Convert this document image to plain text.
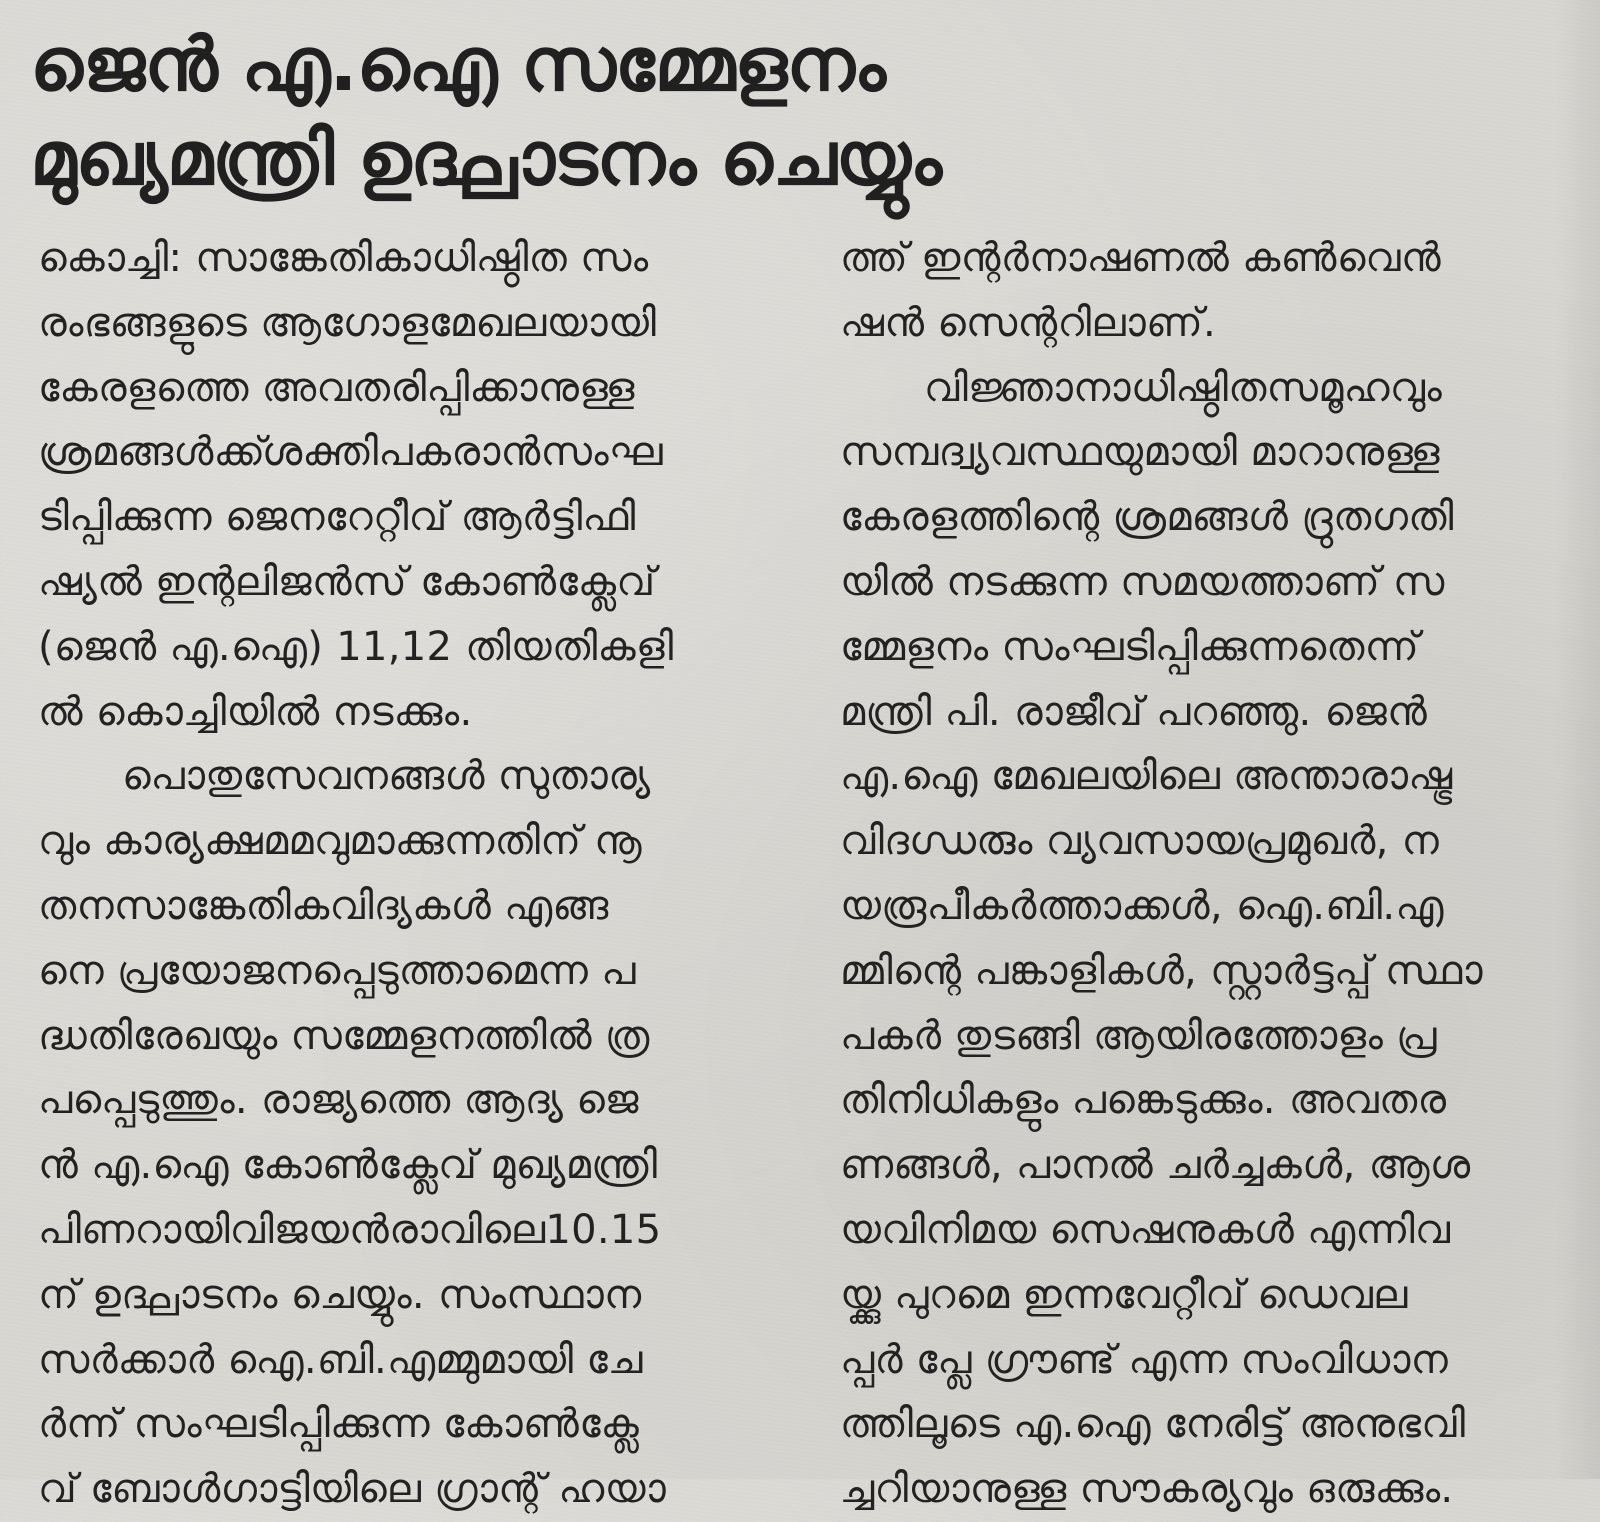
ജെൻ എ.ഐ സമ്മേളനം
മുഖ്യമന്ത്രി ഉദ്ഘാടനം ചെയ്യും
കൊച്ചി: സാങ്കേതികാധിഷ്ഠിത സം
രംഭങ്ങളുടെ ആഗോളമേഖലയായി
കേരളത്തെ അവതരിപ്പിക്കാനുള്ള
ശ്രമങ്ങൾക്ക്ശക്തിപകരാൻസംഘ
ടിപ്പിക്കുന്ന ജെനറേറ്റീവ് ആർട്ടിഫി
ഷ്യൽ ഇന്റലിജൻസ് കോൺക്ലേവ്
(ജെൻ എ.ഐ) 11,12 തിയതികളി
ൽ കൊച്ചിയിൽ നടക്കും.
പൊതുസേവനങ്ങൾ സുതാര്യ
വും കാര്യക്ഷമമവുമാക്കുന്നതിന് നൂ
തനസാങ്കേതികവിദ്യകൾ എങ്ങ
നെ പ്രയോജനപ്പെടുത്താമെന്ന പ
ദ്ധതിരേഖയും സമ്മേളനത്തിൽ ത്ര
പപ്പെടുത്തും. രാജ്യത്തെ ആദ്യ ജെ
ൻ എ.ഐ കോൺക്ലേവ് മുഖ്യമന്ത്രി
പിണറായിവിജയൻരാവിലെ10.15
ന് ഉദ്ഘാടനം ചെയ്യും. സംസ്ഥാന
സർക്കാർ ഐ.ബി.എമ്മുമായി ചേ
ർന്ന് സംഘടിപ്പിക്കുന്ന കോൺക്ലേ
വ് ബോൾഗാട്ടിയിലെ ഗ്രാന്റ് ഹയാ
ത്ത് ഇന്റർനാഷണൽ കൺവെൻ
ഷൻ സെന്ററിലാണ്.
വിജ്ഞാനാധിഷ്ഠിതസമൂഹവും
സമ്പദ്വ്യവസ്ഥയുമായി മാറാനുള്ള
കേരളത്തിന്റെ ശ്രമങ്ങൾ ദ്രുതഗതി
യിൽ നടക്കുന്ന സമയത്താണ് സ
മ്മേളനം സംഘടിപ്പിക്കുന്നതെന്ന്
മന്ത്രി പി. രാജീവ് പറഞ്ഞു. ജെൻ
എ.ഐ മേഖലയിലെ അന്താരാഷ്ട്ര
വിദഗ്ധരും വ്യവസായപ്രമുഖർ, ന
യരൂപീകർത്താക്കൾ, ഐ.ബി.എ
മ്മിന്റെ പങ്കാളികൾ, സ്റ്റാർട്ടപ്പ് സ്ഥാ
പകർ തുടങ്ങി ആയിരത്തോളം പ്ര
തിനിധികളും പങ്കെടുക്കും. അവതര
ണങ്ങൾ, പാനൽ ചർച്ചകൾ, ആശ
യവിനിമയ സെഷനുകൾ എന്നിവ
യ്ക്കു പുറമെ ഇന്നവേറ്റീവ് ഡെവല
പ്പർ പ്ലേ ഗ്രൗണ്ട് എന്ന സംവിധാന
ത്തിലൂടെ എ.ഐ നേരിട്ട് അനുഭവി
ച്ചറിയാനുള്ള സൗകര്യവും ഒരുക്കും.
